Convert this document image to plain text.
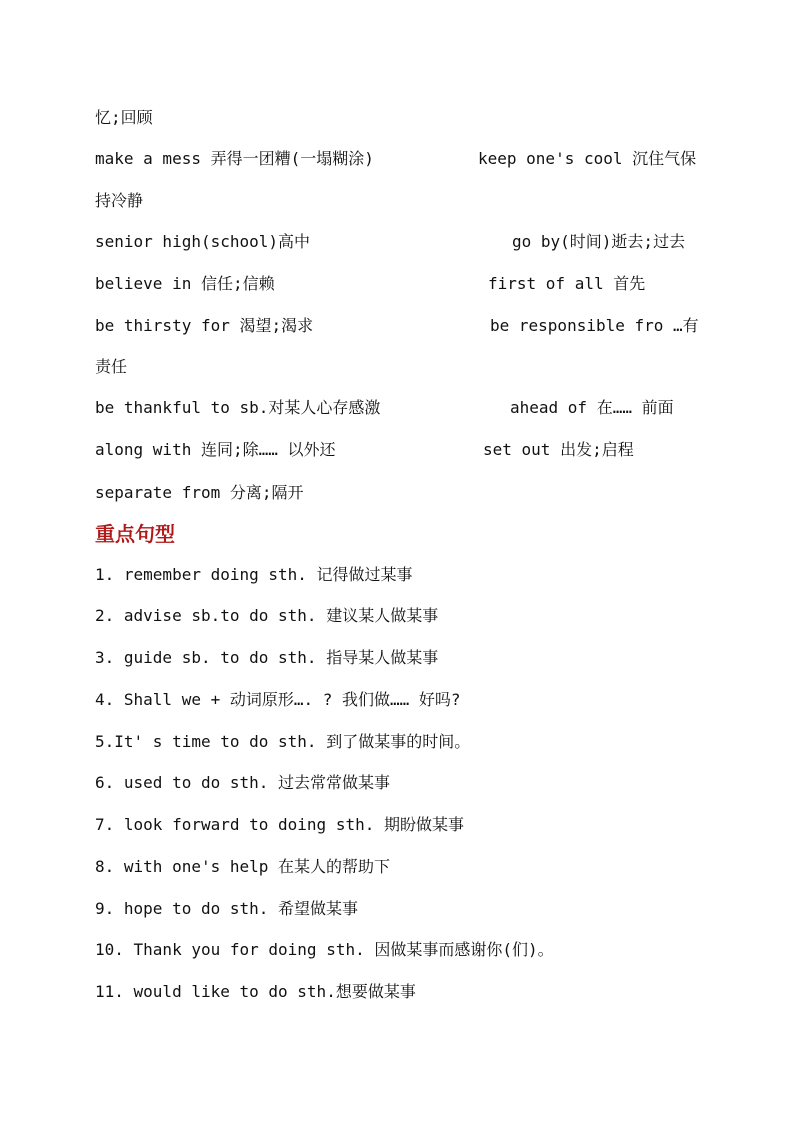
忆;回顾
make a mess 弄得一团糟(一塌糊涂)	keep one's cool 沉住气保
持冷静
senior high(school)高中	go by(时间)逝去;过去
believe in 信任;信赖	first of all 首先
be thirsty for 渴望;渴求	be responsible fro …有
责任
be thankful to sb.对某人心存感激	ahead of 在…… 前面
along with 连同;除…… 以外还	set out 出发;启程
separate from 分离;隔开
重点句型
1. remember doing sth. 记得做过某事
2. advise sb.to do sth. 建议某人做某事
3. guide sb. to do sth. 指导某人做某事
4. Shall we + 动词原形…. ? 我们做…… 好吗?
5.It' s time to do sth. 到了做某事的时间。
6. used to do sth. 过去常常做某事
7. look forward to doing sth. 期盼做某事
8. with one's help 在某人的帮助下
9. hope to do sth. 希望做某事
10. Thank you for doing sth. 因做某事而感谢你(们)。
11. would like to do sth.想要做某事
